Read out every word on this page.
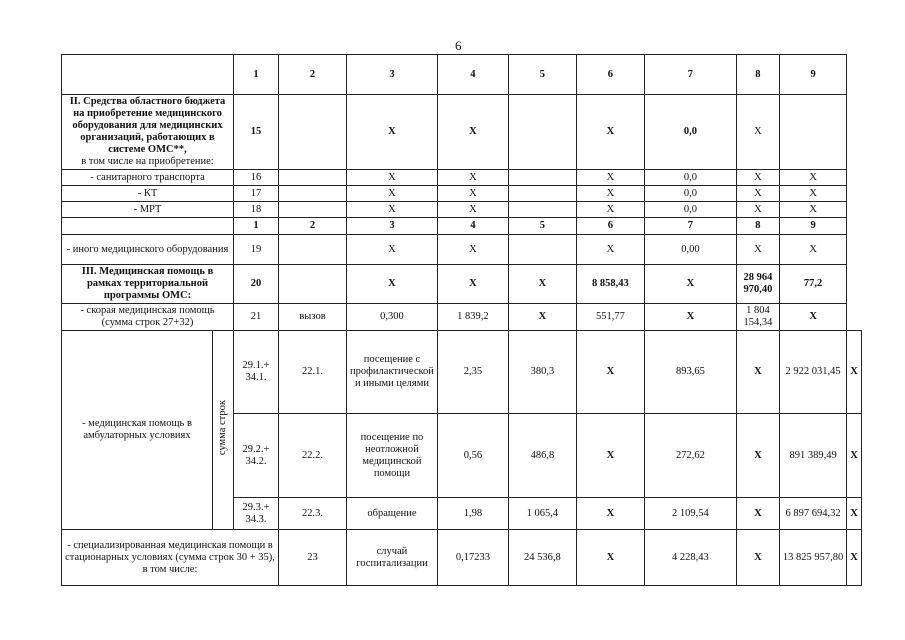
6
		1	2	3	4	5	6	7	8	9	
II. Средства областного бюджета на приобретение медицинского оборудования для медицинских организаций, работающих в системе ОМС**,
в том числе на приобретение:		15		X	X		X	0,0	X		
- санитарного транспорта		16		X	X		X	0,0	X	X	
- КТ		17		X	X		X	0,0	X	X	
- МРТ		18		X	X		X	0,0	X	X	
		1	2	3	4	5	6	7	8	9	
- иного медицинского оборудования		19		X	X		X	0,00	X	X	
III. Медицинская помощь в рамках территориальной программы ОМС:		20		X	X	X	8 858,43	X	28 964 970,40	77,2	
- скорая медицинская помощь (сумма строк 27+32)		21	вызов	0,300	1 839,2	X	551,77	X	1 804 154,34	X	
- медицинская помощь в амбулаторных условиях	сумма строк	29.1.+ 34.1.	22.1.	посещение с профилактической и иными целями	2,35	380,3	X	893,65	X	2 922 031,45	X
		29.2.+ 34.2.	22.2.	посещение по неотложной медицинской помощи	0,56	486,8	X	272,62	X	891 389,49	X
		29.3.+ 34.3.	22.3.	обращение	1,98	1 065,4	X	2 109,54	X	6 897 694,32	X
- специализированная медицинская помощи в стационарных условиях (сумма строк 30 + 35), в том числе:			23	случай госпитализации	0,17233	24 536,8	X	4 228,43	X	13 825 957,80	X
